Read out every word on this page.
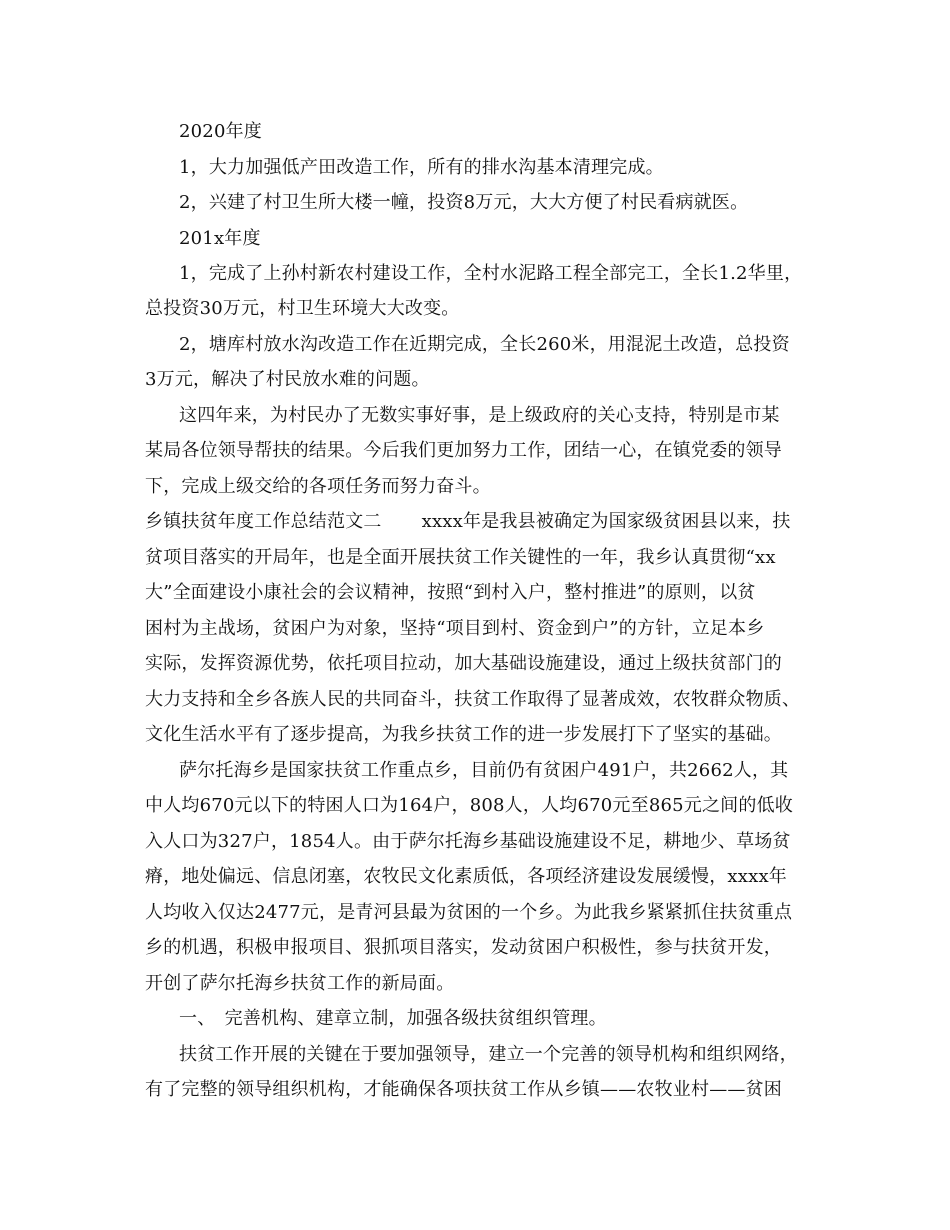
2020年度
1，大力加强低产田改造工作，所有的排水沟基本清理完成。
2，兴建了村卫生所大楼一幢，投资8万元，大大方便了村民看病就医。
201x年度
1，完成了上孙村新农村建设工作，全村水泥路工程全部完工，全长1.2华里，
总投资30万元，村卫生环境大大改变。
2，塘库村放水沟改造工作在近期完成，全长260米，用混泥土改造，总投资
3万元，解决了村民放水难的问题。
这四年来，为村民办了无数实事好事，是上级政府的关心支持，特别是市某
某局各位领导帮扶的结果。今后我们更加努力工作，团结一心，在镇党委的领导
下，完成上级交给的各项任务而努力奋斗。
乡镇扶贫年度工作总结范文二 xxxx年是我县被确定为国家级贫困县以来，扶
贫项目落实的开局年，也是全面开展扶贫工作关键性的一年，我乡认真贯彻“xx
大”全面建设小康社会的会议精神，按照“到村入户，整村推进”的原则，以贫
困村为主战场，贫困户为对象，坚持“项目到村、资金到户”的方针，立足本乡
实际，发挥资源优势，依托项目拉动，加大基础设施建设，通过上级扶贫部门的
大力支持和全乡各族人民的共同奋斗，扶贫工作取得了显著成效，农牧群众物质、
文化生活水平有了逐步提高，为我乡扶贫工作的进一步发展打下了坚实的基础。
萨尔托海乡是国家扶贫工作重点乡，目前仍有贫困户491户，共2662人，其
中人均670元以下的特困人口为164户，808人，人均670元至865元之间的低收
入人口为327户，1854人。由于萨尔托海乡基础设施建设不足，耕地少、草场贫
瘠，地处偏远、信息闭塞，农牧民文化素质低，各项经济建设发展缓慢，xxxx年
人均收入仅达2477元，是青河县最为贫困的一个乡。为此我乡紧紧抓住扶贫重点
乡的机遇，积极申报项目、狠抓项目落实，发动贫困户积极性，参与扶贫开发，
开创了萨尔托海乡扶贫工作的新局面。
一、　完善机构、建章立制，加强各级扶贫组织管理。
扶贫工作开展的关键在于要加强领导，建立一个完善的领导机构和组织网络，
有了完整的领导组织机构，才能确保各项扶贫工作从乡镇——农牧业村——贫困
